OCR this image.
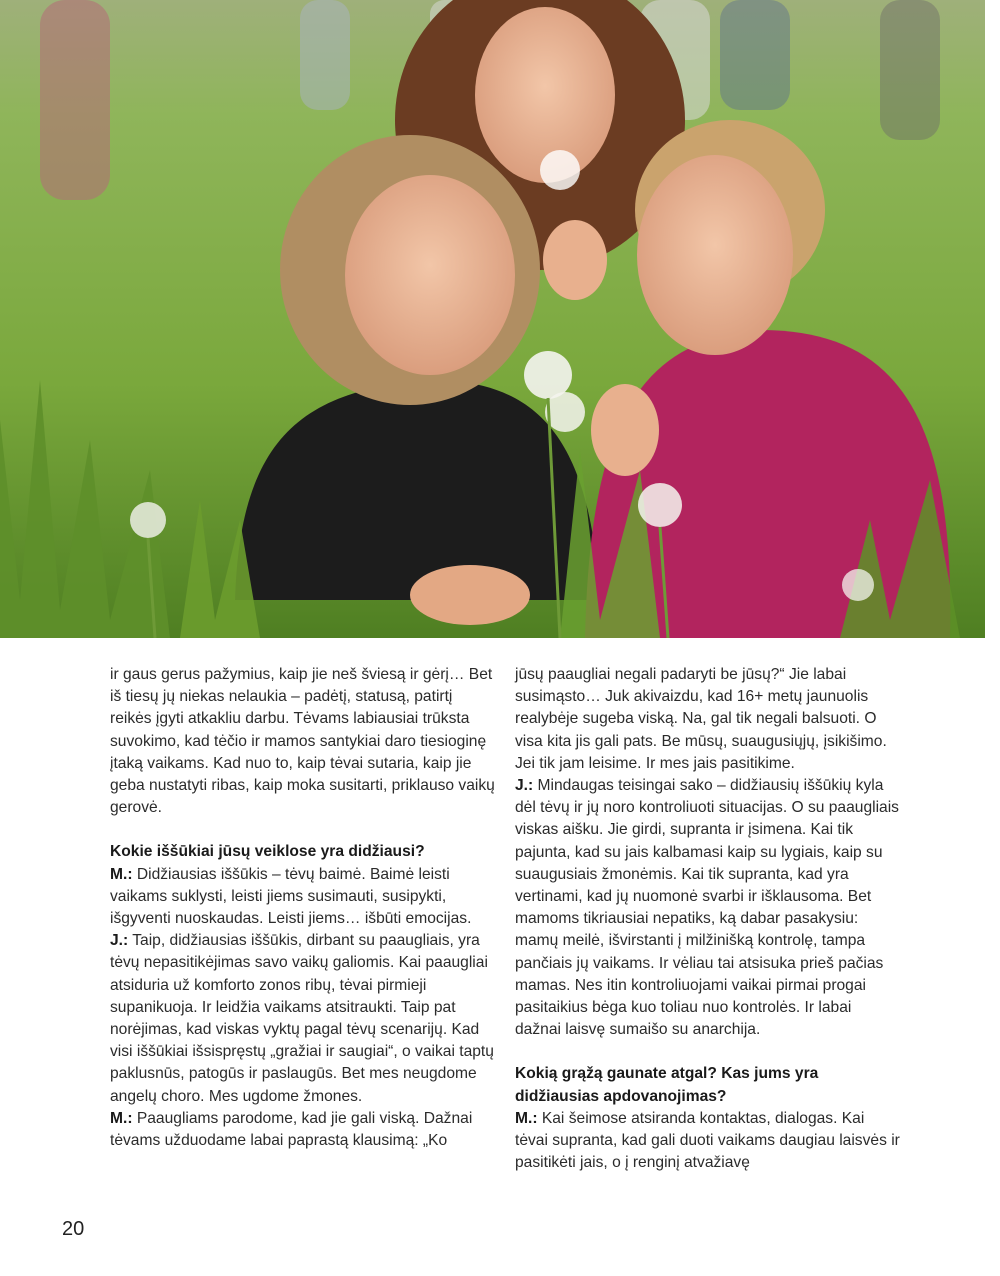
ir gaus gerus pažymius, kaip jie neš šviesą ir gėrį… Bet iš tiesų jų niekas nelaukia – padėtį, statusą, patirtį reikės įgyti atkakliu darbu. Tėvams labiausiai trūksta suvokimo, kad tėčio ir mamos santykiai daro tiesioginę įtaką vaikams. Kad nuo to, kaip tėvai sutaria, kaip jie geba nustatyti ribas, kaip moka susitarti, priklauso vaikų gerovė.

Kokie iššūkiai jūsų veiklose yra didžiausi?

M.: Didžiausias iššūkis – tėvų baimė. Baimė leisti vaikams suklysti, leisti jiems susimauti, susipykti, išgyventi nuoskaudas. Leisti jiems… išbūti emocijas.

J.: Taip, didžiausias iššūkis, dirbant su paaugliais, yra tėvų nepasitikėjimas savo vaikų galiomis. Kai paaugliai atsiduria už komforto zonos ribų, tėvai pirmieji supanikuoja. Ir leidžia vaikams atsitraukti. Taip pat norėjimas, kad viskas vyktų pagal tėvų scenarijų. Kad visi iššūkiai išsispręstų „gražiai ir saugiai“, o vaikai taptų paklusnūs, patogūs ir paslaugūs. Bet mes neugdome angelų choro. Mes ugdome žmones.

M.: Paaugliams parodome, kad jie gali viską. Dažnai tėvams užduodame labai paprastą klausimą: „Ko

jūsų paaugliai negali padaryti be jūsų?“ Jie labai susimąsto… Juk akivaizdu, kad 16+ metų jaunuolis realybėje sugeba viską. Na, gal tik negali balsuoti. O visa kita jis gali pats. Be mūsų, suaugusiųjų, įsikišimo. Jei tik jam leisime. Ir mes jais pasitikime.

J.: Mindaugas teisingai sako – didžiausių iššūkių kyla dėl tėvų ir jų noro kontroliuoti situacijas. O su paaugliais viskas aišku. Jie girdi, supranta ir įsimena. Kai tik pajunta, kad su jais kalbamasi kaip su lygiais, kaip su suaugusiais žmonėmis. Kai tik supranta, kad yra vertinami, kad jų nuomonė svarbi ir išklausoma. Bet mamoms tikriausiai nepatiks, ką dabar pasakysiu: mamų meilė, išvirstanti į milžinišką kontrolę, tampa pančiais jų vaikams. Ir vėliau tai atsisuka prieš pačias mamas. Nes itin kontroliuojami vaikai pirmai progai pasitaikius bėga kuo toliau nuo kontrolės. Ir labai dažnai laisvę sumaišo su anarchija.

Kokią grąžą gaunate atgal? Kas jums yra didžiausias apdovanojimas?

M.: Kai šeimose atsiranda kontaktas, dialogas. Kai tėvai supranta, kad gali duoti vaikams daugiau laisvės ir pasitikėti jais, o į renginį atvažiavę

20
